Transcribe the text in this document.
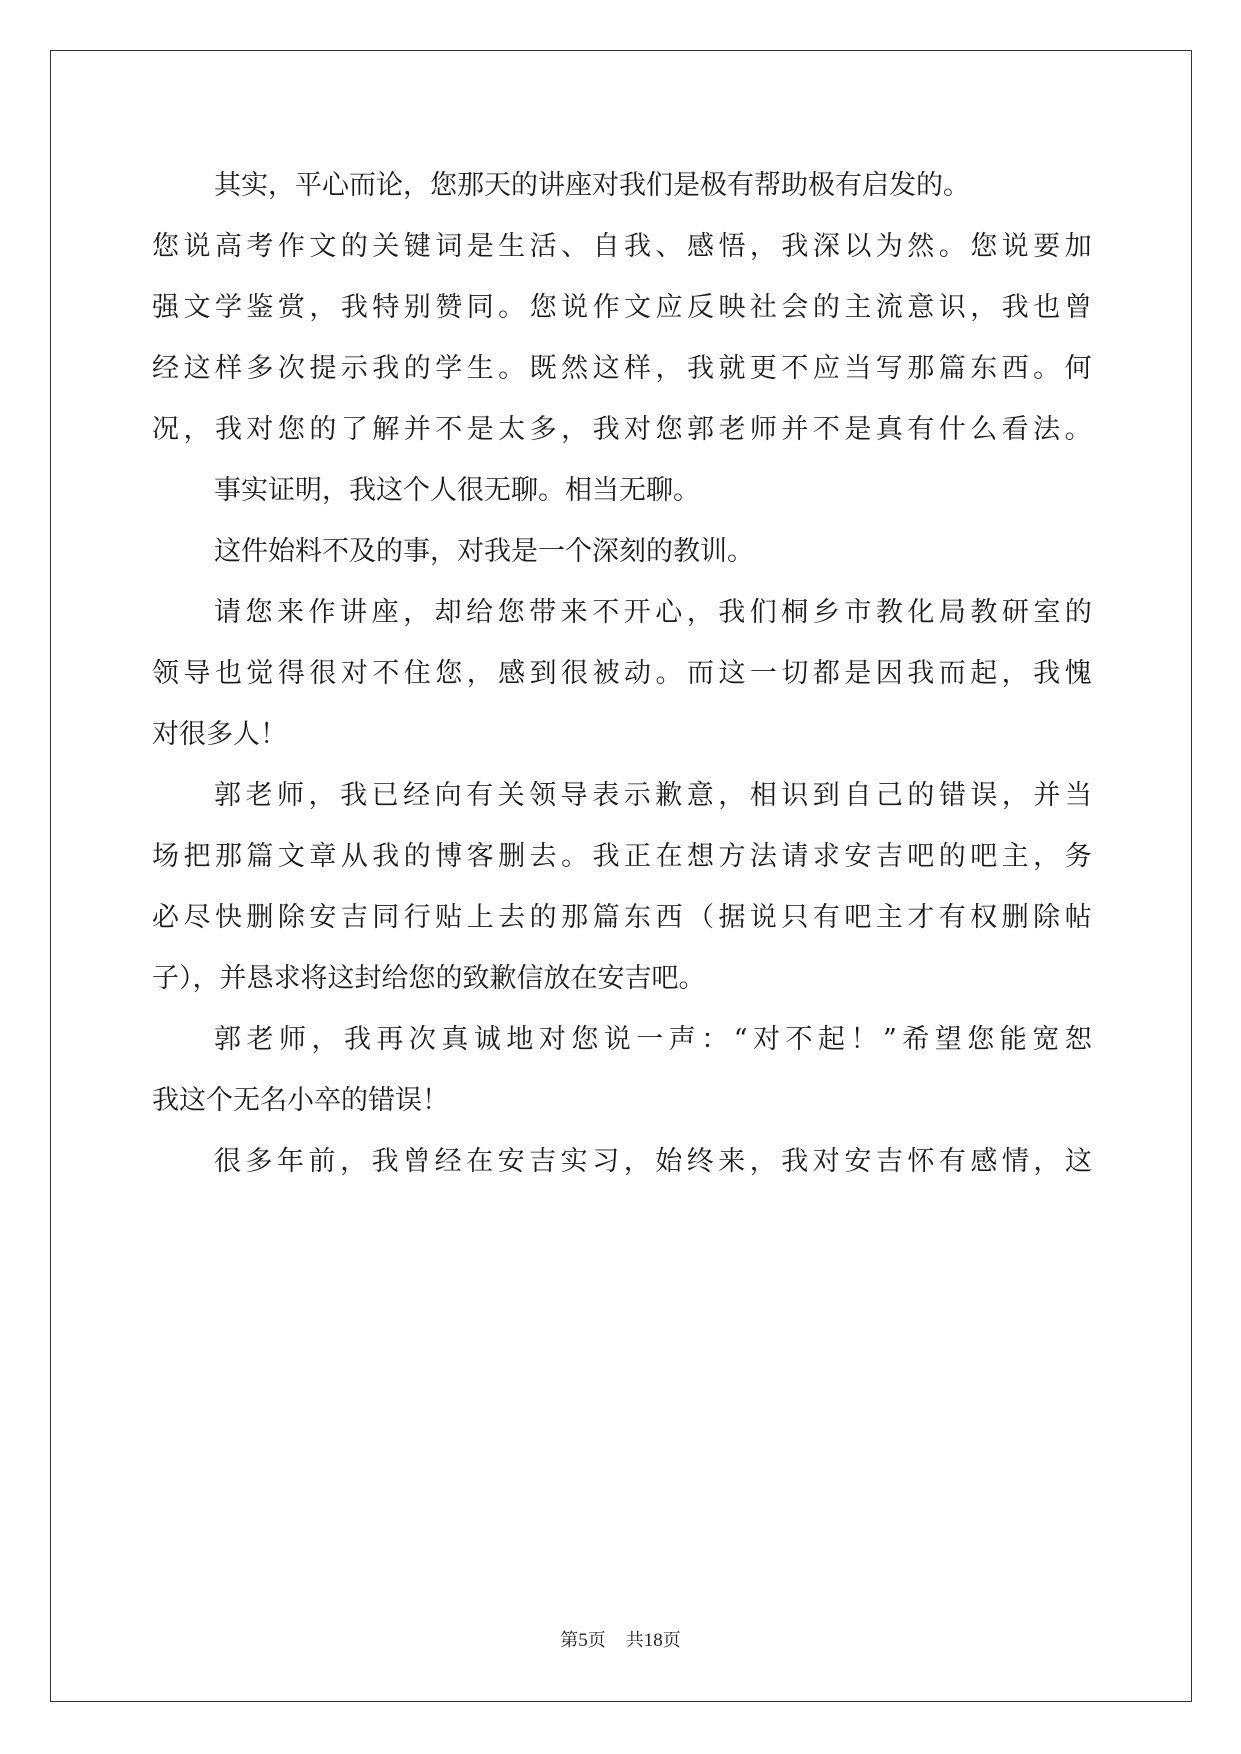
其实，平心而论，您那天的讲座对我们是极有帮助极有启发的。
您 说 高 考 作 文 的 关 键 词 是 生 活 、 自 我 、 感 悟 ， 我 深 以 为 然 。 您 说 要 加
强 文 学 鉴 赏 ， 我 特 别 赞 同 。 您 说 作 文 应 反 映 社 会 的 主 流 意 识 ， 我 也 曾
经 这 样 多 次 提 示 我 的 学 生 。 既 然 这 样 ， 我 就 更 不 应 当 写 那 篇 东 西 。 何
况 ， 我 对 您 的 了 解 并 不 是 太 多 ， 我 对 您 郭 老 师 并 不 是 真 有 什 么 看 法 。
事实证明，我这个人很无聊。相当无聊。
这件始料不及的事，对我是一个深刻的教训。
请 您 来 作 讲 座 ， 却 给 您 带 来 不 开 心 ， 我 们 桐 乡 市 教 化 局 教 研 室 的
领 导 也 觉 得 很 对 不 住 您 ， 感 到 很 被 动 。 而 这 一 切 都 是 因 我 而 起 ， 我 愧
对很多人！
郭 老 师 ， 我 已 经 向 有 关 领 导 表 示 歉 意 ， 相 识 到 自 己 的 错 误 ， 并 当
场 把 那 篇 文 章 从 我 的 博 客 删 去 。 我 正 在 想 方 法 请 求 安 吉 吧 的 吧 主 ， 务
必 尽 快 删 除 安 吉 同 行 贴 上 去 的 那 篇 东 西 （ 据 说 只 有 吧 主 才 有 权 删 除 帖
子），并恳求将这封给您的致歉信放在安吉吧。
郭 老 师 ， 我 再 次 真 诚 地 对 您 说 一 声 ： “ 对 不 起 ！ ” 希 望 您 能 宽 恕
我这个无名小卒的错误！
很 多 年 前 ， 我 曾 经 在 安 吉 实 习 ， 始 终 来 ， 我 对 安 吉 怀 有 感 情 ， 这
第5页 共18页
